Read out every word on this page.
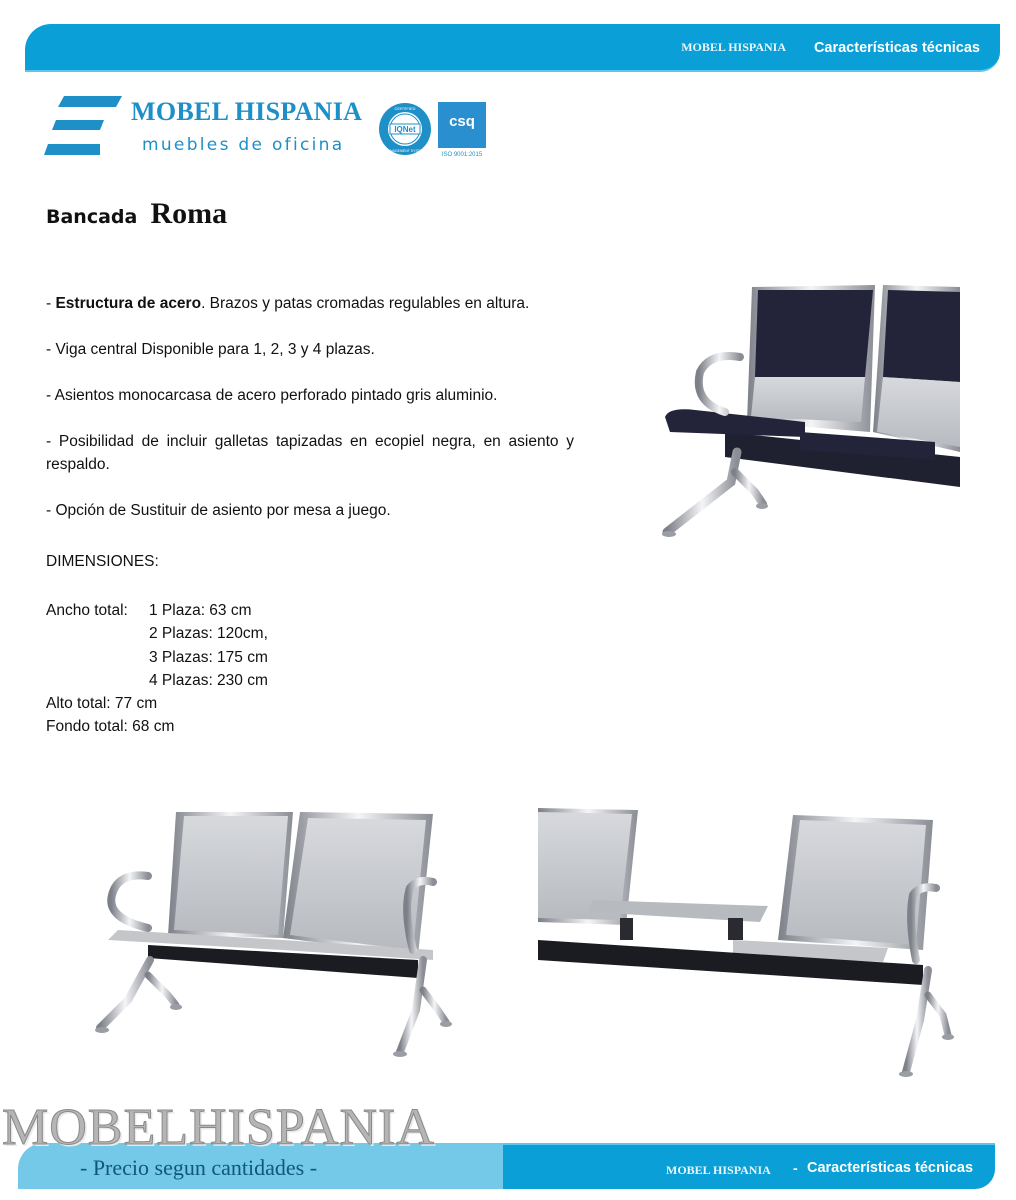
MOBEL HISPANIA Características técnicas
MOBEL HISPANIA
muebles de oficina
IQNet
CERTIFIED
MANAGEMENT SYSTEM
csq
ISO 9001:2015
Bancada Roma

- Estructura de acero. Brazos y patas cromadas regulables en altura.

- Viga central Disponible para 1, 2, 3 y 4 plazas.

- Asientos monocarcasa de acero perforado pintado gris aluminio.

- Posibilidad de incluir galletas tapizadas en ecopiel negra, en asiento y respaldo.

- Opción de Sustituir de asiento por mesa a juego.

DIMENSIONES:
Ancho total:	1 Plaza: 63 cm
2 Plazas: 120cm,
3 Plazas: 175 cm
4 Plazas: 230 cm
Alto total: 77 cm
Fondo total: 68 cm
MOBELHISPANIA
- Precio segun cantidades -	MOBEL HISPANIA - Características técnicas
